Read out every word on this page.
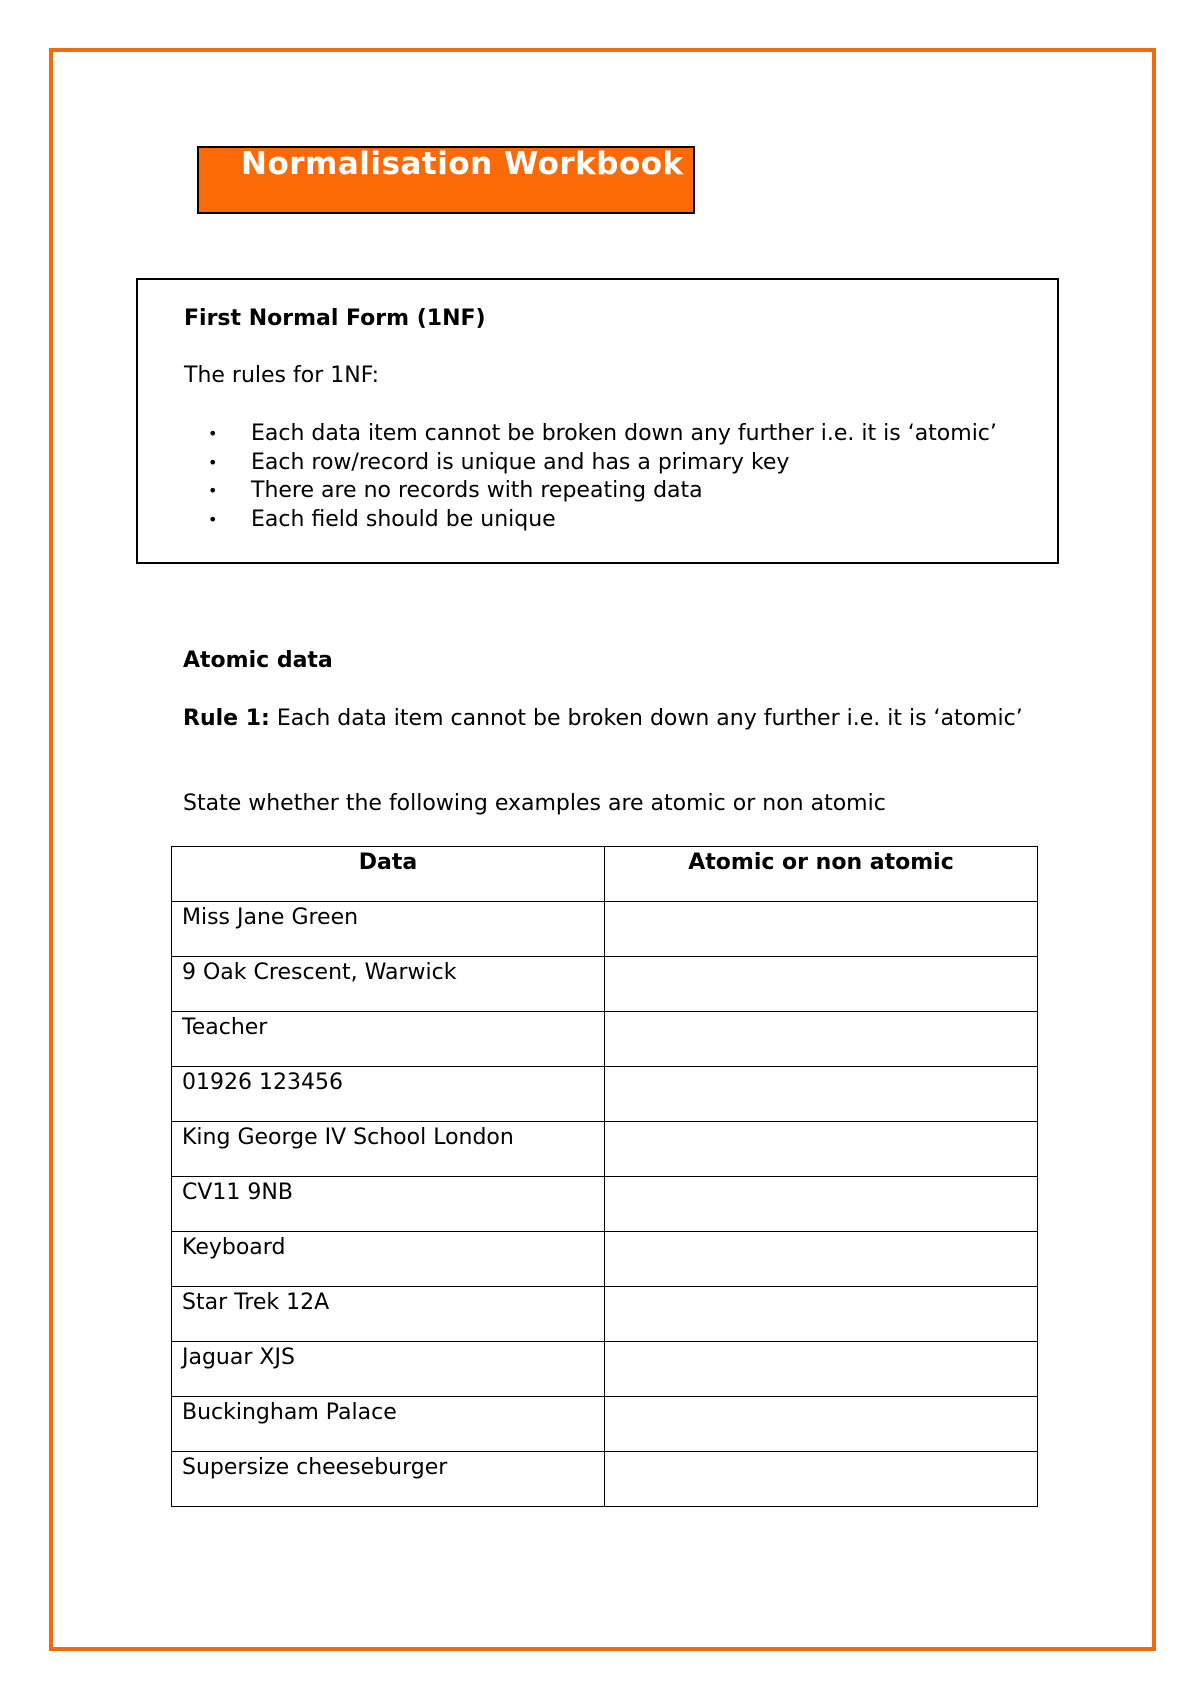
Normalisation Workbook
First Normal Form (1NF)
The rules for 1NF:
• Each data item cannot be broken down any further i.e. it is ‘atomic’
• Each row/record is unique and has a primary key
• There are no records with repeating data
• Each field should be unique
Atomic data
Rule 1: Each data item cannot be broken down any further i.e. it is ‘atomic’
State whether the following examples are atomic or non atomic
Data	Atomic or non atomic
Miss Jane Green	
9 Oak Crescent, Warwick	
Teacher	
01926 123456	
King George IV School London	
CV11 9NB	
Keyboard	
Star Trek 12A	
Jaguar XJS	
Buckingham Palace	
Supersize cheeseburger	
